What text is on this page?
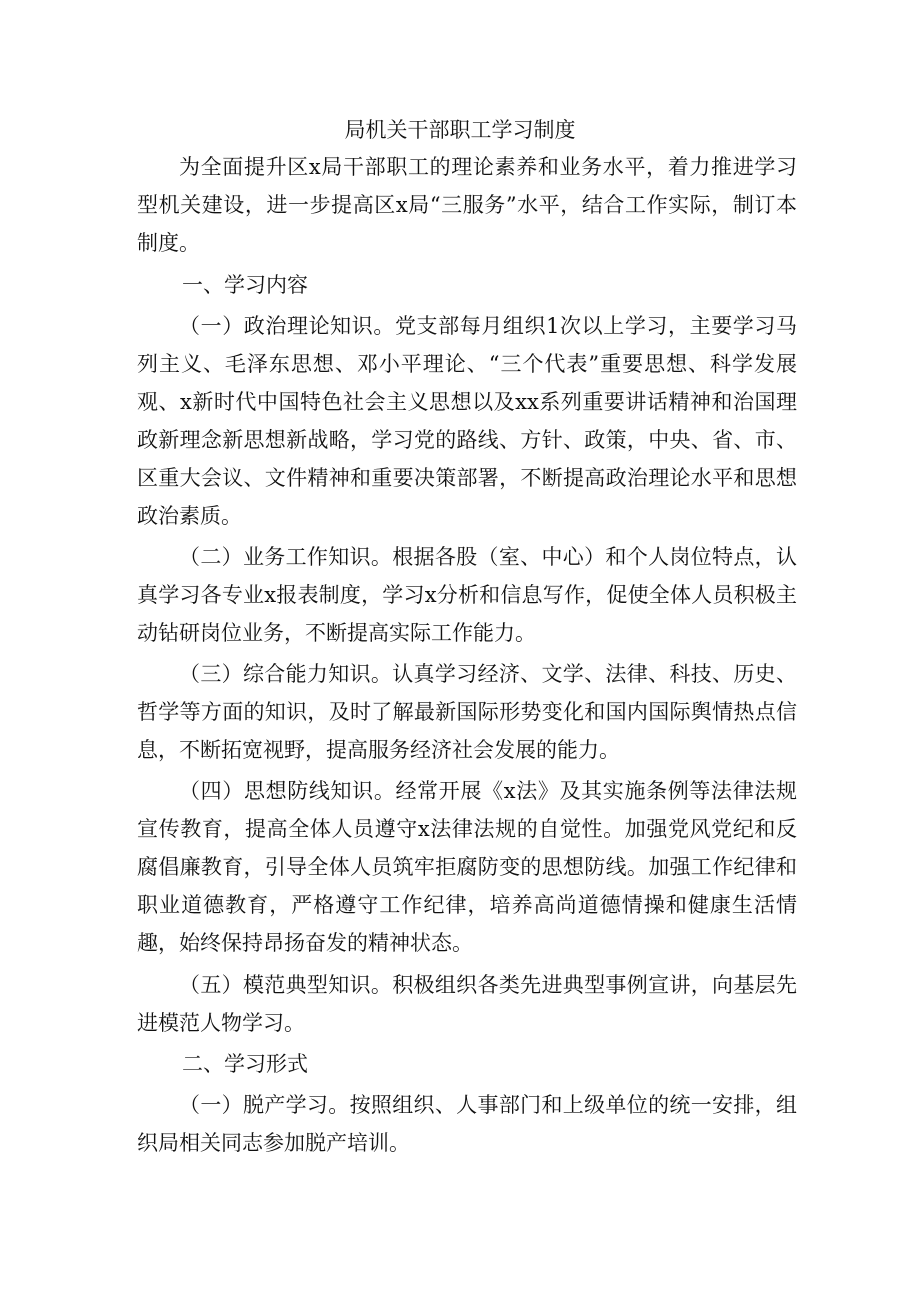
局机关干部职工学习制度

为全面提升区x局干部职工的理论素养和业务水平，着力推进学习型机关建设，进一步提高区x局“三服务”水平，结合工作实际，制订本制度。

一、学习内容

（一）政治理论知识。党支部每月组织1次以上学习，主要学习马列主义、毛泽东思想、邓小平理论、“三个代表”重要思想、科学发展观、x新时代中国特色社会主义思想以及xx系列重要讲话精神和治国理政新理念新思想新战略，学习党的路线、方针、政策，中央、省、市、区重大会议、文件精神和重要决策部署，不断提高政治理论水平和思想政治素质。

（二）业务工作知识。根据各股（室、中心）和个人岗位特点，认真学习各专业x报表制度，学习x分析和信息写作，促使全体人员积极主动钻研岗位业务，不断提高实际工作能力。

（三）综合能力知识。认真学习经济、文学、法律、科技、历史、哲学等方面的知识，及时了解最新国际形势变化和国内国际舆情热点信息，不断拓宽视野，提高服务经济社会发展的能力。

（四）思想防线知识。经常开展《x法》及其实施条例等法律法规宣传教育，提高全体人员遵守x法律法规的自觉性。加强党风党纪和反腐倡廉教育，引导全体人员筑牢拒腐防变的思想防线。加强工作纪律和职业道德教育，严格遵守工作纪律，培养高尚道德情操和健康生活情趣，始终保持昂扬奋发的精神状态。

（五）模范典型知识。积极组织各类先进典型事例宣讲，向基层先进模范人物学习。

二、学习形式

（一）脱产学习。按照组织、人事部门和上级单位的统一安排，组织局相关同志参加脱产培训。
